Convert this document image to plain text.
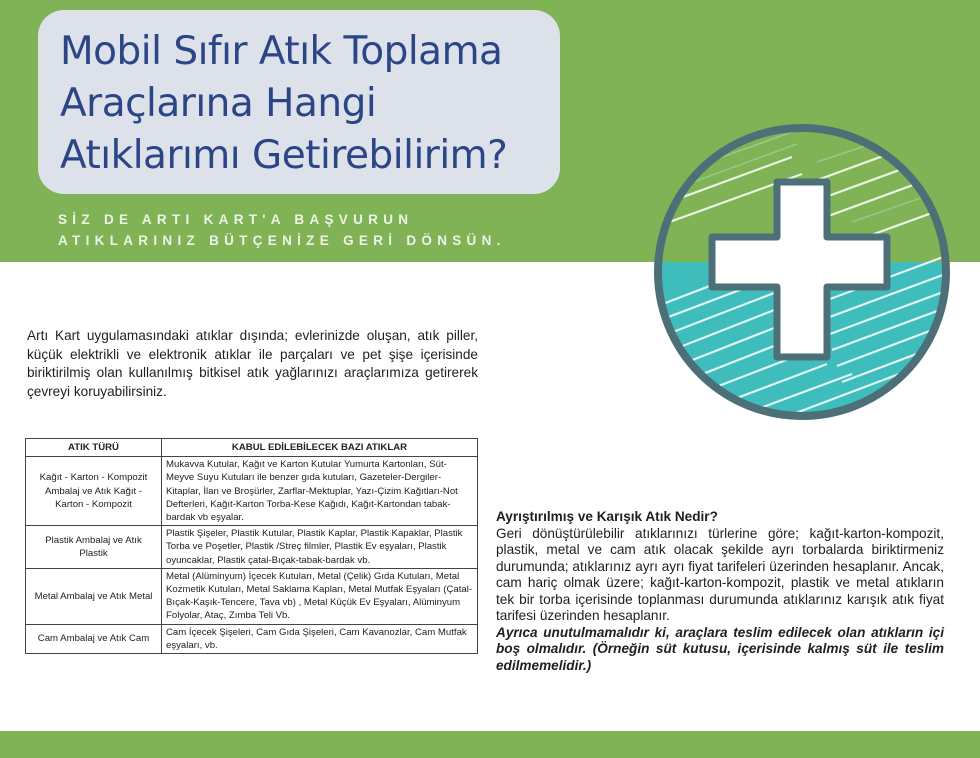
Mobil Sıfır Atık Toplama Araçlarına Hangi Atıklarımı Getirebilirim?
SİZ DE ARTI KART'A BAŞVURUN
ATIKLARINIZ BÜTÇENİZE GERİ DÖNSÜN.

Artı Kart uygulamasındaki atıklar dışında; evlerinizde oluşan, atık piller, küçük elektrikli ve elektronik atıklar ile parçaları ve pet şişe içerisinde biriktirilmiş olan kullanılmış bitkisel atık yağlarınızı araçlarımıza getirerek çevreyi koruyabilirsiniz.

ATIK TÜRÜ	KABUL EDİLEBİLECEK BAZI ATIKLAR
Kağıt - Karton - Kompozit Ambalaj ve Atık Kağıt - Karton - Kompozit	Mukavva Kutular, Kağıt ve Karton Kutular Yumurta Kartonları, Süt-Meyve Suyu Kutuları ile benzer gıda kutuları, Gazeteler-Dergiler- Kitaplar, İlan ve Broşürler, Zarflar-Mektuplar, Yazı-Çizim Kağıtları-Not Defterleri, Kağıt-Karton Torba-Kese Kağıdı, Kağıt-Kartondan tabak-bardak vb eşyalar.
Plastik Ambalaj ve Atık Plastik	Plastik Şişeler, Plastik Kutular, Plastik Kaplar, Plastik Kapaklar, Plastik Torba ve Poşetler, Plastik /Streç filmler, Plastik Ev eşyaları, Plastik oyuncaklar, Plastik çatal-Bıçak-tabak-bardak vb.
Metal Ambalaj ve Atık Metal	Metal (Alüminyum) İçecek Kutuları, Metal (Çelik) Gıda Kutuları, Metal Kozmetik Kutuları, Metal Saklama Kapları, Metal Mutfak Eşyaları (Çatal-Bıçak-Kaşık-Tencere, Tava vb) , Metal Küçük Ev Eşyaları, Alüminyum Folyolar, Ataç, Zımba Teli Vb.
Cam Ambalaj ve Atık Cam	Cam İçecek Şişeleri, Cam Gıda Şişeleri, Cam Kavanozlar, Cam Mutfak eşyaları, vb.
Ayrıştırılmış ve Karışık Atık Nedir?

Geri dönüştürülebilir atıklarınızı türlerine göre; kağıt-karton-kompozit, plastik, metal ve cam atık olacak şekilde ayrı torbalarda biriktirmeniz durumunda; atıklarınız ayrı ayrı fiyat tarifeleri üzerinden hesaplanır. Ancak, cam hariç olmak üzere; kağıt-karton-kompozit, plastik ve metal atıkların tek bir torba içerisinde toplanması durumunda atıklarınız karışık atık fiyat tarifesi üzerinden hesaplanır.

Ayrıca unutulmamalıdır ki, araçlara teslim edilecek olan atıkların içi boş olmalıdır. (Örneğin süt kutusu, içerisinde kalmış süt ile teslim edilmemelidir.)
